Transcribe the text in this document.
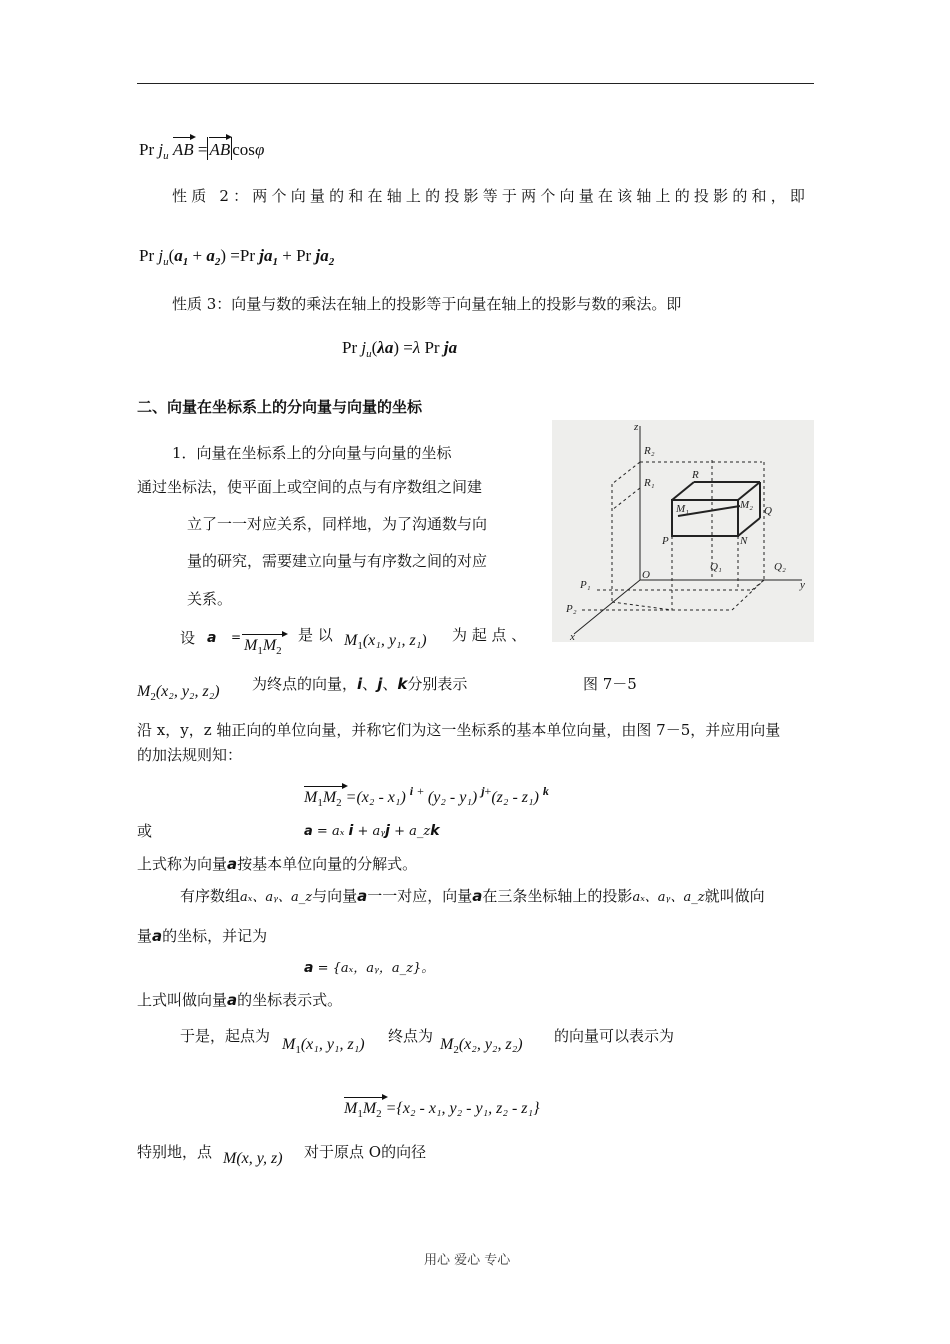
Pr $j_u$ AB = AB cosφ
性质 2：两个向量的和在轴上的投影等于两个向量在该轴上的投影的和，即
Pr $j_u(a_1 + a_2) =Pr$ $ja_1 + Pr$ $ja_2$
性质 3：向量与数的乘法在轴上的投影等于向量在轴上的投影与数的乘法。即
Pr $j_u(\lambda a) =\lambda$ Pr ja
二、向量在坐标系上的分向量与向量的坐标
1．向量在坐标系上的分向量与向量的坐标
通过坐标法，使平面上或空间的点与有序数组之间建
立了一一对应关系，同样地，为了沟通数与向
量的研究，需要建立向量与有序数之间的对应
关系。
设 $a = M_1M_2$
是 以 $M_1(x_1$, y₁, z₁) 为 起 点 、
$M_2(x_2$, y₂, z₂) 为终点的向量，i、j、k分别表示
z
x
y
O
R₂
R₁
R
M₁	M₂ Q
P	N
Q₁	Q₂
P₁
P₂
图 7－5
沿 x，y，z 轴正向的单位向量，并称它们为这一坐标系的基本单位向量，由图 7－5，并应用向量
的加法规则知：
$M_1M_2 =(x_2 - x_1)$ $^i$ + (y₂ - y₁) $^{j+}$(z₂ - z₁) $^k$
或	a = aₓ i + aᵧj + a_zk
上式称为向量a按基本单位向量的分解式。
有序数组aₓ、aᵧ、a_z与向量a一一对应，向量a在三条坐标轴上的投影aₓ、aᵧ、a_z就叫做向
量a的坐标，并记为
a = {aₓ，aᵧ，a_z}。
上式叫做向量a的坐标表示式。
于是，起点为 $M_1(x_1$, y₁, z₁) 终点为 $M_2(x_2$, y₂, z₂) 的向量可以表示为
$M_1M_2 =\{x_2 - x_1$, y₂ - y₁, z₂ - z₁}
特别地，点 M(x, y, z) 对于原点 O的向径
用心 爱心 专心
